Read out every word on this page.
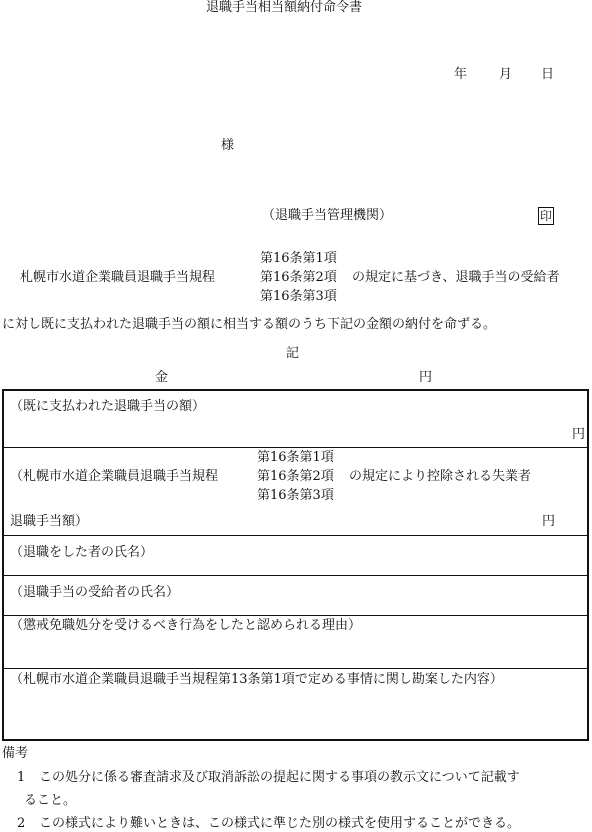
退職手当相当額納付命令書
年 月 日
様
（退職手当管理機関）	印
第16条第1項
札幌市水道企業職員退職手当規程	第16条第2項 の規定に基づき、退職手当の受給者
第16条第3項
に対し既に支払われた退職手当の額に相当する額のうち下記の金額の納付を命ずる。
記
金	円
（既に支払われた退職手当の額）
円
第16条第1項
（札幌市水道企業職員退職手当規程	第16条第2項 の規定により控除される失業者
第16条第3項
退職手当額）	円
（退職をした者の氏名）
（退職手当の受給者の氏名）
（懲戒免職処分を受けるべき行為をしたと認められる理由）
（札幌市水道企業職員退職手当規程第13条第1項で定める事情に関し勘案した内容）
備考
1 この処分に係る審査請求及び取消訴訟の提起に関する事項の教示文について記載す
ること。
2 この様式により難いときは、この様式に準じた別の様式を使用することができる。
